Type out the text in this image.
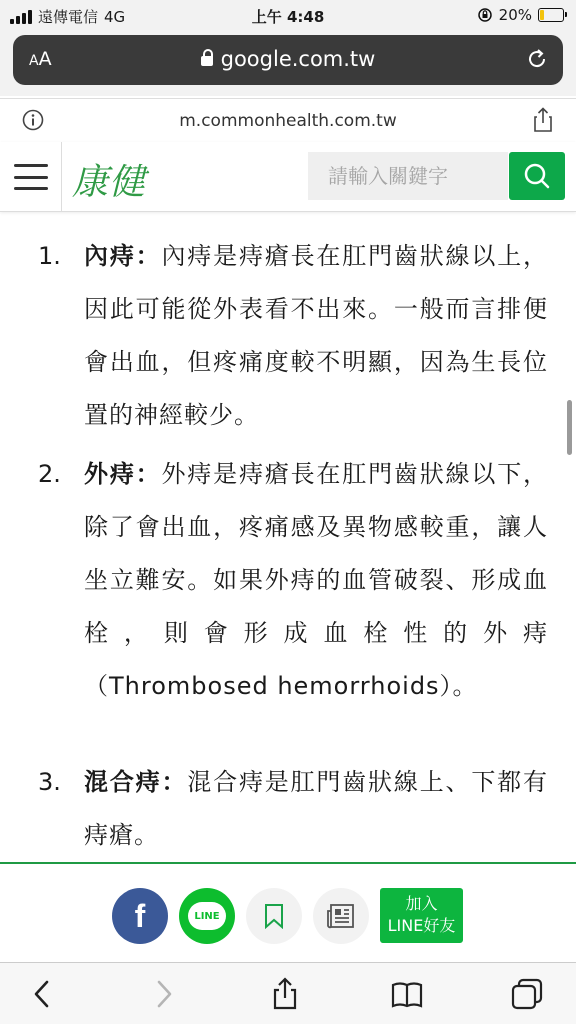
遠傳電信 4G	上午 4:48	20%
AA	google.com.tw
m.commonhealth.com.tw
康健
請輸入關鍵字
1. 內痔：內痔是痔瘡長在肛門齒狀線以上，因此可能從外表看不出來。一般而言排便會出血，但疼痛度較不明顯，因為生長位置的神經較少。

2. 外痔：外痔是痔瘡長在肛門齒狀線以下，除了會出血，疼痛感及異物感較重，讓人坐立難安。如果外痔的血管破裂、形成血栓，則會形成血栓性的外痔（Thrombosed hemorrhoids）。

3. 混合痔：混合痔是肛門齒狀線上、下都有痔瘡。

f	LINE
加入
LINE好友
